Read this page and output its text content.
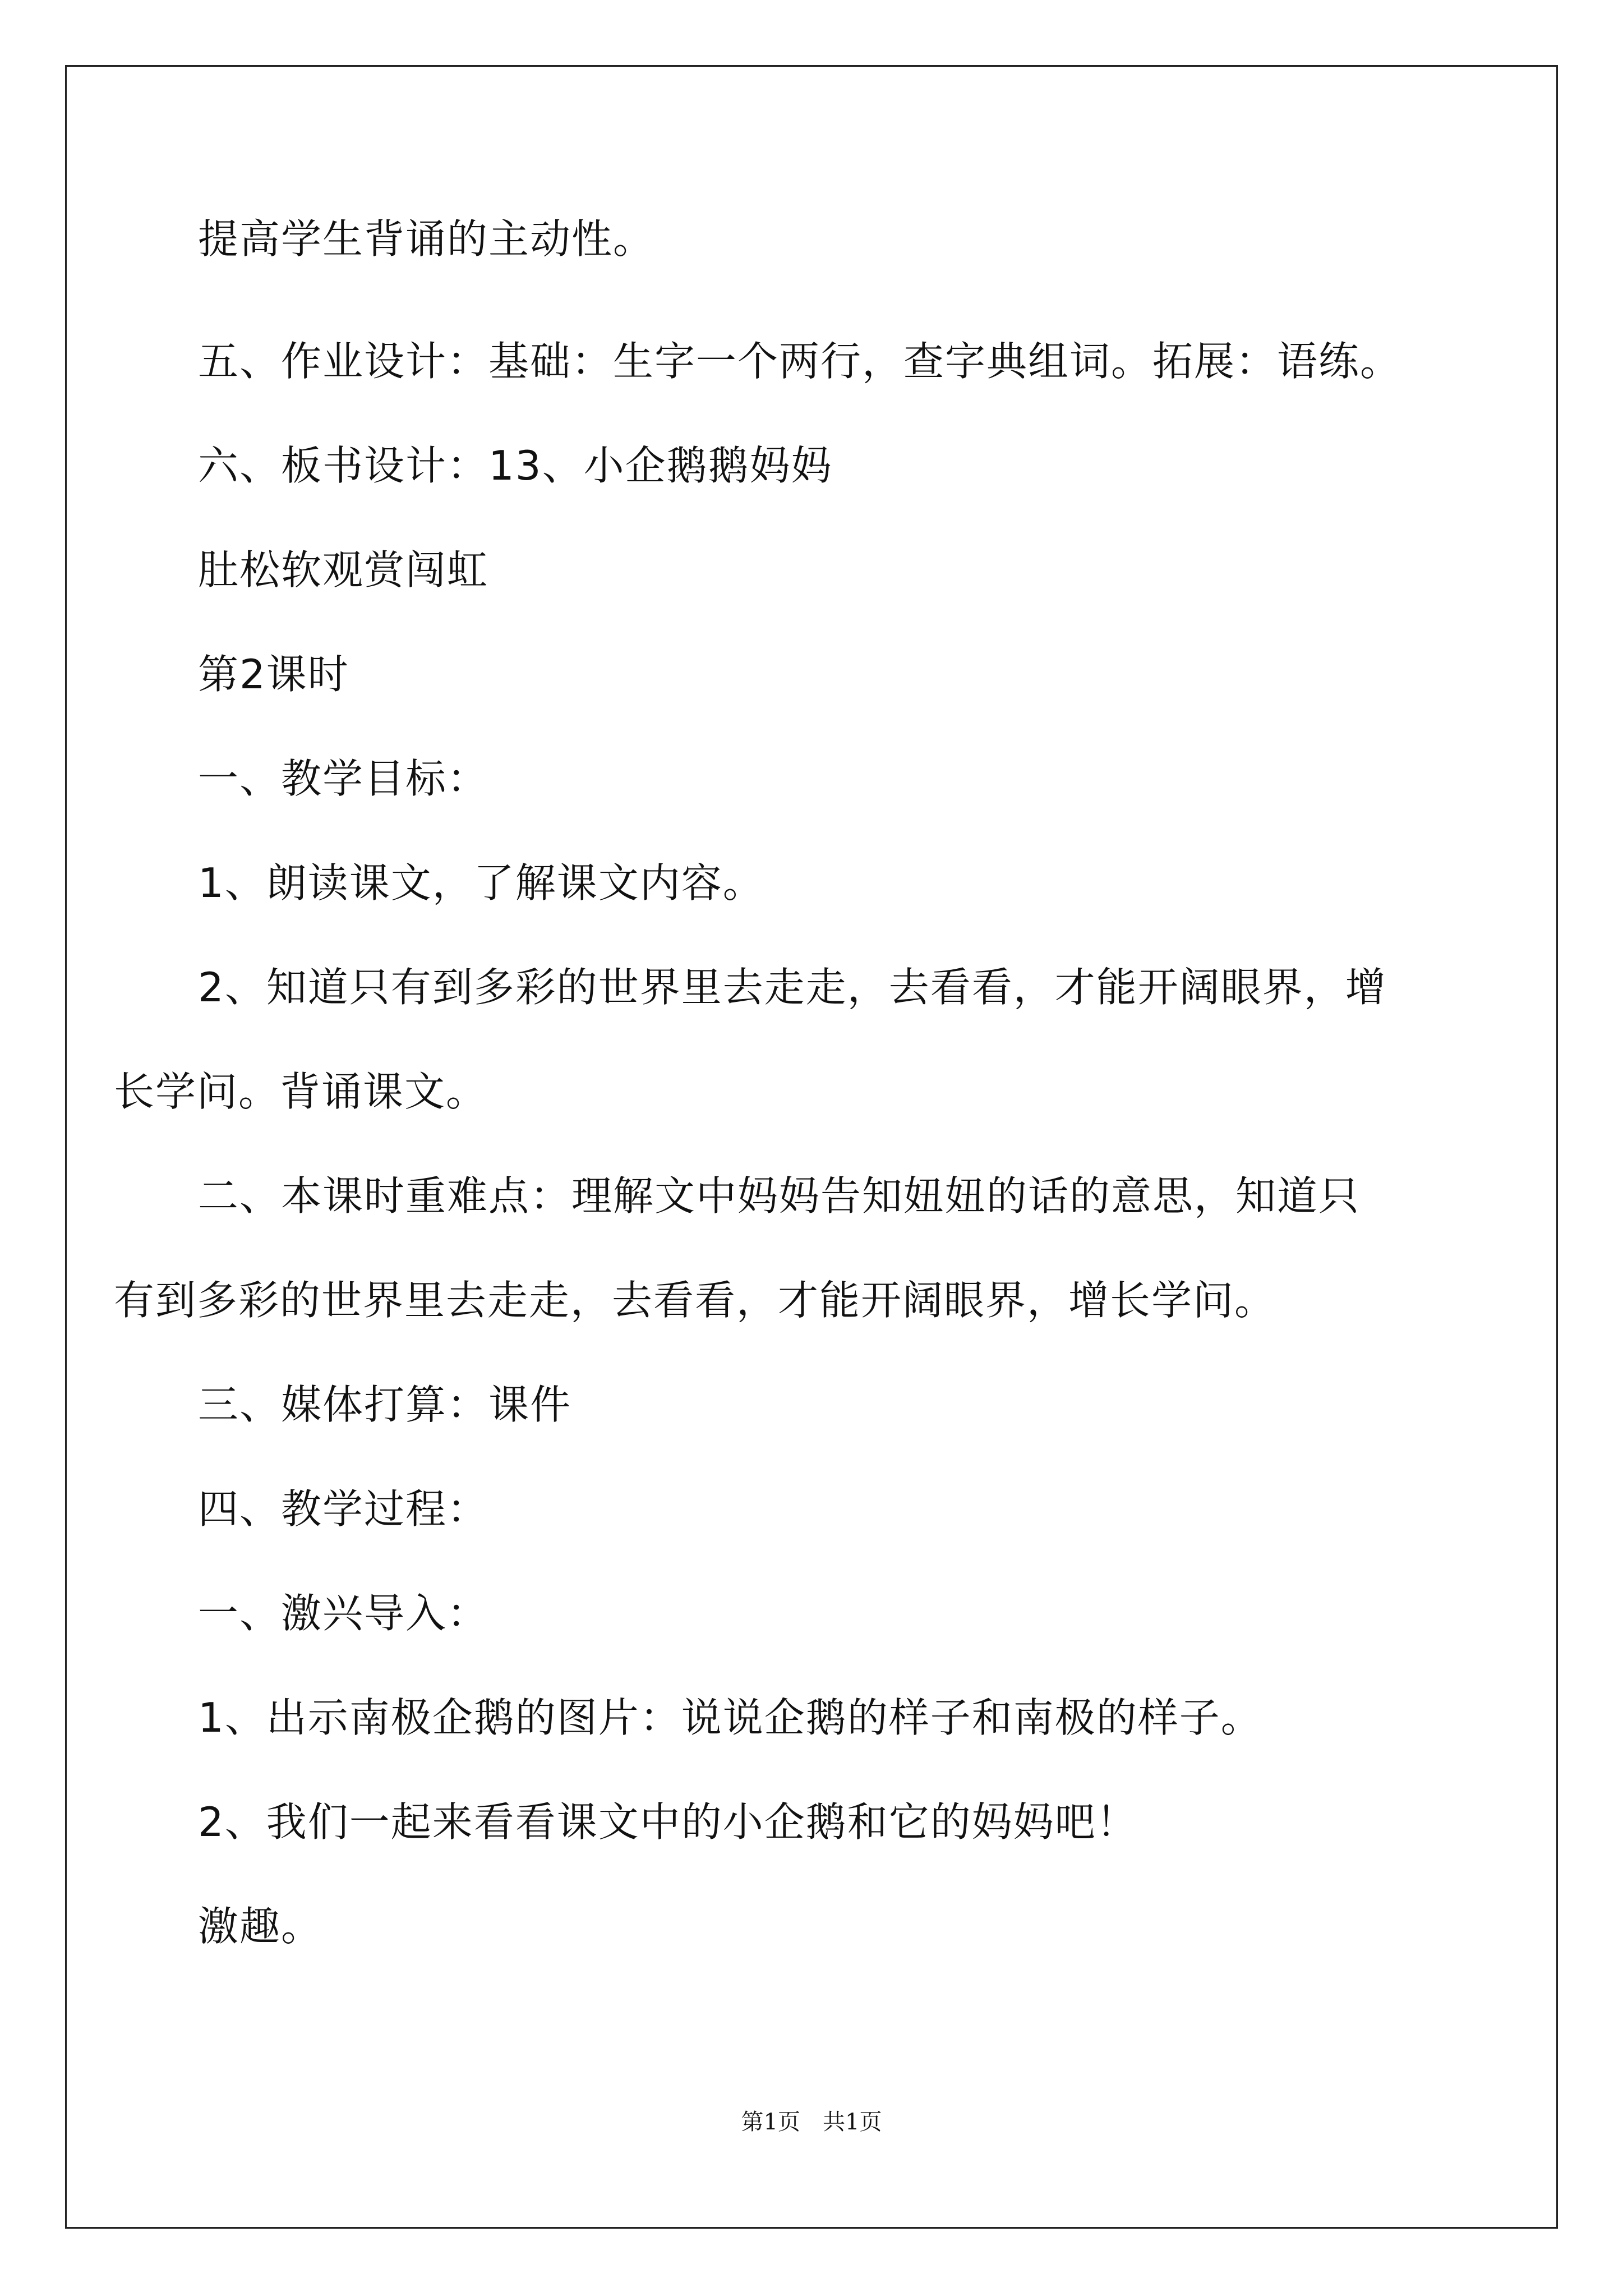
提高学生背诵的主动性。

五、作业设计：基础：生字一个两行，查字典组词。拓展：语练。

六、板书设计：13、小企鹅鹅妈妈

肚松软观赏闯虹

第2课时

一、教学目标：

1、朗读课文，了解课文内容。

2、知道只有到多彩的世界里去走走，去看看，才能开阔眼界，增

长学问。背诵课文。

二、本课时重难点：理解文中妈妈告知妞妞的话的意思，知道只

有到多彩的世界里去走走，去看看，才能开阔眼界，增长学问。

三、媒体打算：课件

四、教学过程：

一、激兴导入：

1、出示南极企鹅的图片：说说企鹅的样子和南极的样子。

2、我们一起来看看课文中的小企鹅和它的妈妈吧！

激趣。

第1页　共1页
